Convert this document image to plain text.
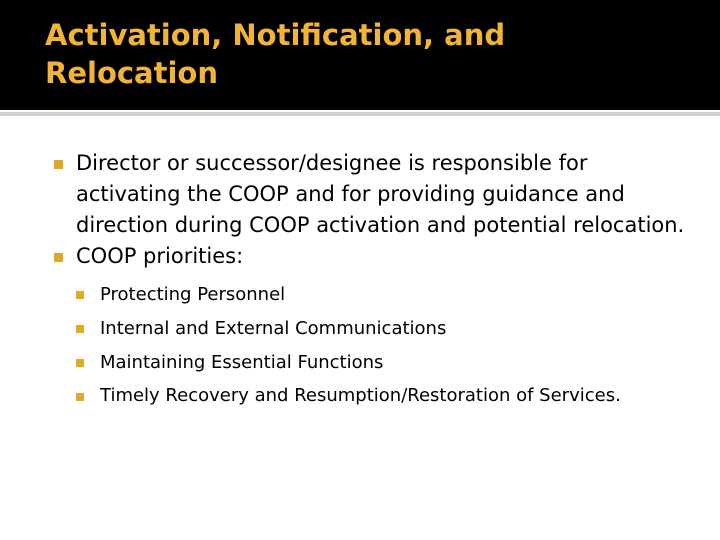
Activation, Notification, and
Relocation
Director or successor/designee is responsible for activating the COOP and for providing guidance and direction during COOP activation and potential relocation.
COOP priorities:
Protecting Personnel
Internal and External Communications
Maintaining Essential Functions
Timely Recovery and Resumption/Restoration of Services.
